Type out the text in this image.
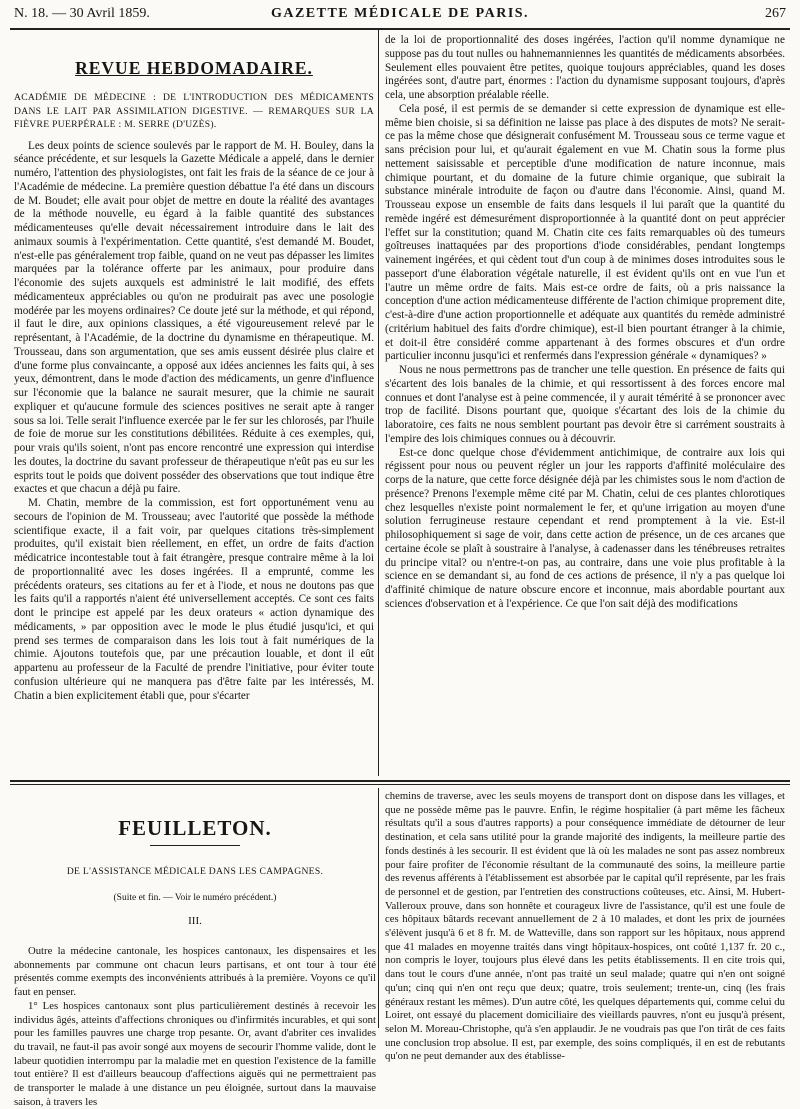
N. 18. — 30 Avril 1859.	GAZETTE MÉDICALE DE PARIS.	267
REVUE HEBDOMADAIRE.
ACADÉMIE DE MÉDECINE : DE L'INTRODUCTION DES MÉDICAMENTS DANS LE LAIT PAR ASSIMILATION DIGESTIVE. — REMARQUES SUR LA FIÈVRE PUERPÉRALE : M. SERRE (D'UZÈS).

Les deux points de science soulevés par le rapport de M. H. Bouley, dans la séance précédente, et sur lesquels la Gazette Médicale a appelé, dans le dernier numéro, l'attention des physiologistes, ont fait les frais de la séance de ce jour à l'Académie de médecine. La première question débattue l'a été dans un discours de M. Boudet; elle avait pour objet de mettre en doute la réalité des avantages de la méthode nouvelle, eu égard à la faible quantité des substances médicamenteuses qu'elle devait nécessairement introduire dans le lait des animaux soumis à l'expérimentation. Cette quantité, s'est demandé M. Boudet, n'est-elle pas généralement trop faible, quand on ne veut pas dépasser les limites marquées par la tolérance offerte par les animaux, pour produire dans l'économie des sujets auxquels est administré le lait modifié, des effets médicamenteux appréciables ou qu'on ne produirait pas avec une posologie modérée par les moyens ordinaires? Ce doute jeté sur la méthode, et qui répond, il faut le dire, aux opinions classiques, a été vigoureusement relevé par le représentant, à l'Académie, de la doctrine du dynamisme en thérapeutique. M. Trousseau, dans son argumentation, que ses amis eussent désirée plus claire et d'une forme plus convaincante, a opposé aux idées anciennes les faits qui, à ses yeux, démontrent, dans le mode d'action des médicaments, un genre d'influence sur l'économie que la balance ne saurait mesurer, que la chimie ne saurait expliquer et qu'aucune formule des sciences positives ne serait apte à ranger sous sa loi. Telle serait l'influence exercée par le fer sur les chlorosés, par l'huile de foie de morue sur les constitutions débilitées. Réduite à ces exemples, qui, pour vrais qu'ils soient, n'ont pas encore rencontré une expression qui interdise les doutes, la doctrine du savant professeur de thérapeutique n'eût pas eu sur les esprits tout le poids que doivent posséder des observations que tout indique être exactes et que chacun a déjà pu faire.

M. Chatin, membre de la commission, est fort opportunément venu au secours de l'opinion de M. Trousseau; avec l'autorité que possède la méthode scientifique exacte, il a fait voir, par quelques citations très-simplement produites, qu'il existait bien réellement, en effet, un ordre de faits d'action médicatrice incontestable tout à fait étrangère, presque contraire même à la loi de proportionnalité avec les doses ingérées. Il a emprunté, comme les précédents orateurs, ses citations au fer et à l'iode, et nous ne doutons pas que les faits qu'il a rapportés n'aient été universellement acceptés. Ce sont ces faits dont le principe est appelé par les deux orateurs « action dynamique des médicaments, » par opposition avec le mode le plus étudié jusqu'ici, et qui prend ses termes de comparaison dans les lois tout à fait numériques de la chimie. Ajoutons toutefois que, par une précaution louable, et dont il eût appartenu au professeur de la Faculté de prendre l'initiative, pour éviter toute confusion ultérieure qui ne manquera pas d'être faite par les intéressés, M. Chatin a bien explicitement établi que, pour s'écarter

de la loi de proportionnalité des doses ingérées, l'action qu'il nomme dynamique ne suppose pas du tout nulles ou hahnemanniennes les quantités de médicaments absorbées. Seulement elles pouvaient être petites, quoique toujours appréciables, quand les doses ingérées sont, d'autre part, énormes : l'action du dynamisme supposant toujours, d'après cela, une absorption préalable réelle.

Cela posé, il est permis de se demander si cette expression de dynamique est elle-même bien choisie, si sa définition ne laisse pas place à des disputes de mots? Ne serait-ce pas la même chose que désignerait confusément M. Trousseau sous ce terme vague et sans précision pour lui, et qu'aurait également en vue M. Chatin sous la forme plus nettement saisissable et perceptible d'une modification de nature inconnue, mais chimique pourtant, et du domaine de la future chimie organique, que subirait la substance minérale introduite de façon ou d'autre dans l'économie. Ainsi, quand M. Trousseau expose un ensemble de faits dans lesquels il lui paraît que la quantité du remède ingéré est démesurément disproportionnée à la quantité dont on peut apprécier l'effet sur la constitution; quand M. Chatin cite ces faits remarquables où des tumeurs goîtreuses inattaquées par des proportions d'iode considérables, pendant longtemps vainement ingérées, et qui cèdent tout d'un coup à de minimes doses introduites sous le passeport d'une élaboration végétale naturelle, il est évident qu'ils ont en vue l'un et l'autre un même ordre de faits. Mais est-ce ordre de faits, où a pris naissance la conception d'une action médicamenteuse différente de l'action chimique proprement dite, c'est-à-dire d'une action proportionnelle et adéquate aux quantités du remède administré (critérium habituel des faits d'ordre chimique), est-il bien pourtant étranger à la chimie, et doit-il être considéré comme appartenant à des formes obscures et d'un ordre particulier inconnu jusqu'ici et renfermés dans l'expression générale « dynamiques? »

Nous ne nous permettrons pas de trancher une telle question. En présence de faits qui s'écartent des lois banales de la chimie, et qui ressortissent à des forces encore mal connues et dont l'analyse est à peine commencée, il y aurait témérité à se prononcer avec trop de facilité. Disons pourtant que, quoique s'écartant des lois de la chimie du laboratoire, ces faits ne nous semblent pourtant pas devoir être si carrément soustraits à l'empire des lois chimiques connues ou à découvrir.

Est-ce donc quelque chose d'évidemment antichimique, de contraire aux lois qui régissent pour nous ou peuvent régler un jour les rapports d'affinité moléculaire des corps de la nature, que cette force désignée déjà par les chimistes sous le nom d'action de présence? Prenons l'exemple même cité par M. Chatin, celui de ces plantes chlorotiques chez lesquelles n'existe point normalement le fer, et qu'une irrigation au moyen d'une solution ferrugineuse restaure cependant et rend promptement à la vie. Est-il philosophiquement si sage de voir, dans cette action de présence, un de ces arcanes que certaine école se plaît à soustraire à l'analyse, à cadenasser dans les ténébreuses retraites du principe vital? ou n'entre-t-on pas, au contraire, dans une voie plus profitable à la science en se demandant si, au fond de ces actions de présence, il n'y a pas quelque loi d'affinité chimique de nature obscure encore et inconnue, mais abordable pourtant aux sciences d'observation et à l'expérience. Ce que l'on sait déjà des modifications

FEUILLETON.
DE L'ASSISTANCE MÉDICALE DANS LES CAMPAGNES.
(Suite et fin. — Voir le numéro précédent.)
III.

Outre la médecine cantonale, les hospices cantonaux, les dispensaires et les abonnements par commune ont chacun leurs partisans, et ont tour à tour été présentés comme exempts des inconvénients attribués à la première. Voyons ce qu'il faut en penser.

1° Les hospices cantonaux sont plus particulièrement destinés à recevoir les individus âgés, atteints d'affections chroniques ou d'infirmités incurables, et qui sont pour les familles pauvres une charge trop pesante. Or, avant d'abriter ces invalides du travail, ne faut-il pas avoir songé aux moyens de secourir l'homme valide, dont le labeur quotidien interrompu par la maladie met en question l'existence de la famille tout entière? Il est d'ailleurs beaucoup d'affections aiguës qui ne permettraient pas de transporter le malade à une distance un peu éloignée, surtout dans la mauvaise saison, à travers les

chemins de traverse, avec les seuls moyens de transport dont on dispose dans les villages, et que ne possède même pas le pauvre. Enfin, le régime hospitalier (à part même les fâcheux résultats qu'il a sous d'autres rapports) a pour conséquence immédiate de détourner de leur destination, et cela sans utilité pour la grande majorité des indigents, la meilleure partie des fonds destinés à les secourir. Il est évident que là où les malades ne sont pas assez nombreux pour faire profiter de l'économie résultant de la communauté des soins, la meilleure partie des revenus afférents à l'établissement est absorbée par le capital qu'il représente, par les frais de personnel et de gestion, par l'entretien des constructions coûteuses, etc. Ainsi, M. Hubert-Valleroux prouve, dans son honnête et courageux livre de l'assistance, qu'il est une foule de ces hôpitaux bâtards recevant annuellement de 2 à 10 malades, et dont les prix de journées s'élèvent jusqu'à 6 et 8 fr. M. de Watteville, dans son rapport sur les hôpitaux, nous apprend que 41 malades en moyenne traités dans vingt hôpitaux-hospices, ont coûté 1,137 fr. 20 c., non compris le loyer, toujours plus élevé dans les petits établissements. Il en cite trois qui, dans tout le cours d'une année, n'ont pas traité un seul malade; quatre qui n'en ont soigné qu'un; cinq qui n'en ont reçu que deux; quatre, trois seulement; trente-un, cinq (les frais généraux restant les mêmes). D'un autre côté, les quelques départements qui, comme celui du Loiret, ont essayé du placement domiciliaire des vieillards pauvres, n'ont eu jusqu'à présent, selon M. Moreau-Christophe, qu'à s'en applaudir. Je ne voudrais pas que l'on tirât de ces faits une conclusion trop absolue. Il est, par exemple, des soins compliqués, il en est de rebutants qu'on ne peut demander aux des établisse-
